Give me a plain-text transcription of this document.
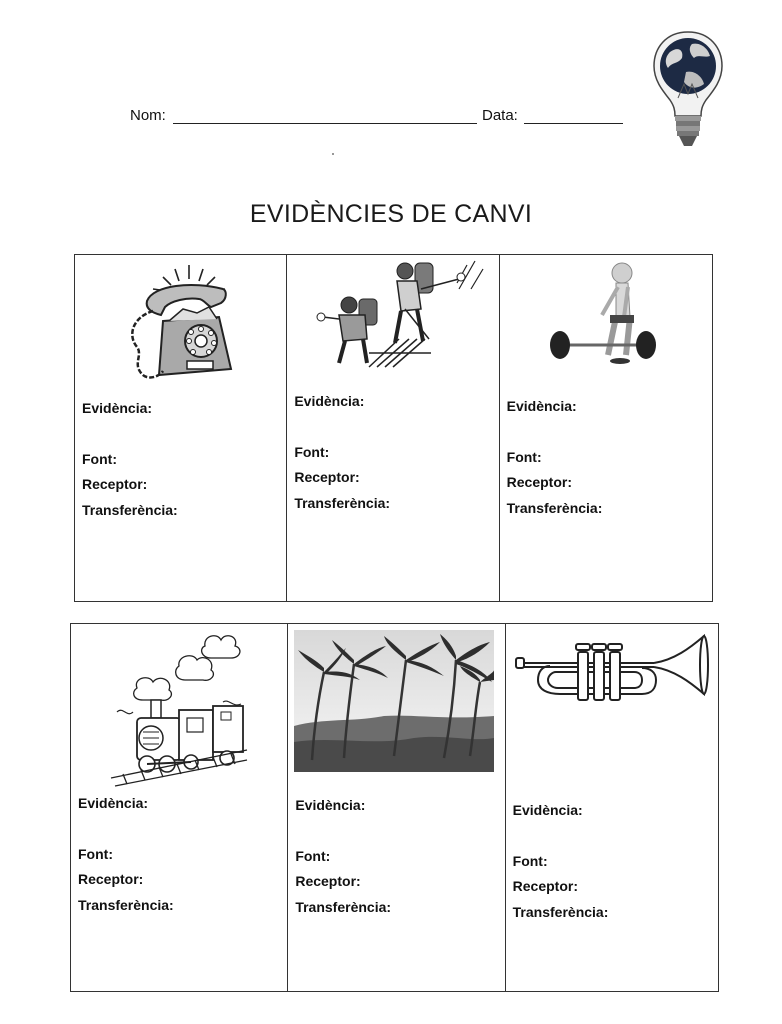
Nom:	Data:
EVIDÈNCIES DE CANVI
Evidència:
Font:
Receptor:
Transferència:
Evidència:
Font:
Receptor:
Transferència:
Evidència:
Font:
Receptor:
Transferència:
Evidència:
Font:
Receptor:
Transferència:
Evidència:
Font:
Receptor:
Transferència:
Evidència:
Font:
Receptor:
Transferència:
